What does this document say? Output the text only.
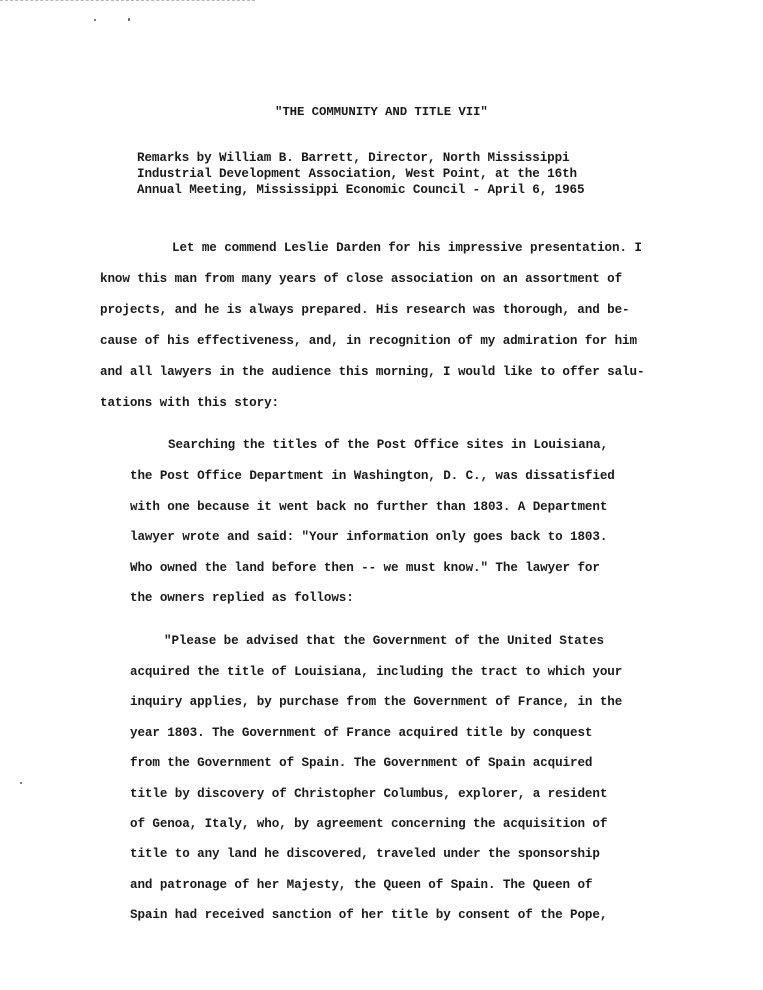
"THE COMMUNITY AND TITLE VII"
Remarks by William B. Barrett, Director, North Mississippi
Industrial Development Association, West Point, at the 16th
Annual Meeting, Mississippi Economic Council - April 6, 1965
Let me commend Leslie Darden for his impressive presentation. I
know this man from many years of close association on an assortment of
projects, and he is always prepared. His research was thorough, and be-
cause of his effectiveness, and, in recognition of my admiration for him
and all lawyers in the audience this morning, I would like to offer salu-
tations with this story:
Searching the titles of the Post Office sites in Louisiana,
the Post Office Department in Washington, D. C., was dissatisfied
with one because it went back no further than 1803. A Department
lawyer wrote and said: "Your information only goes back to 1803.
Who owned the land before then -- we must know." The lawyer for
the owners replied as follows:
"Please be advised that the Government of the United States
acquired the title of Louisiana, including the tract to which your
inquiry applies, by purchase from the Government of France, in the
year 1803. The Government of France acquired title by conquest
from the Government of Spain. The Government of Spain acquired
title by discovery of Christopher Columbus, explorer, a resident
of Genoa, Italy, who, by agreement concerning the acquisition of
title to any land he discovered, traveled under the sponsorship
and patronage of her Majesty, the Queen of Spain. The Queen of
Spain had received sanction of her title by consent of the Pope,
